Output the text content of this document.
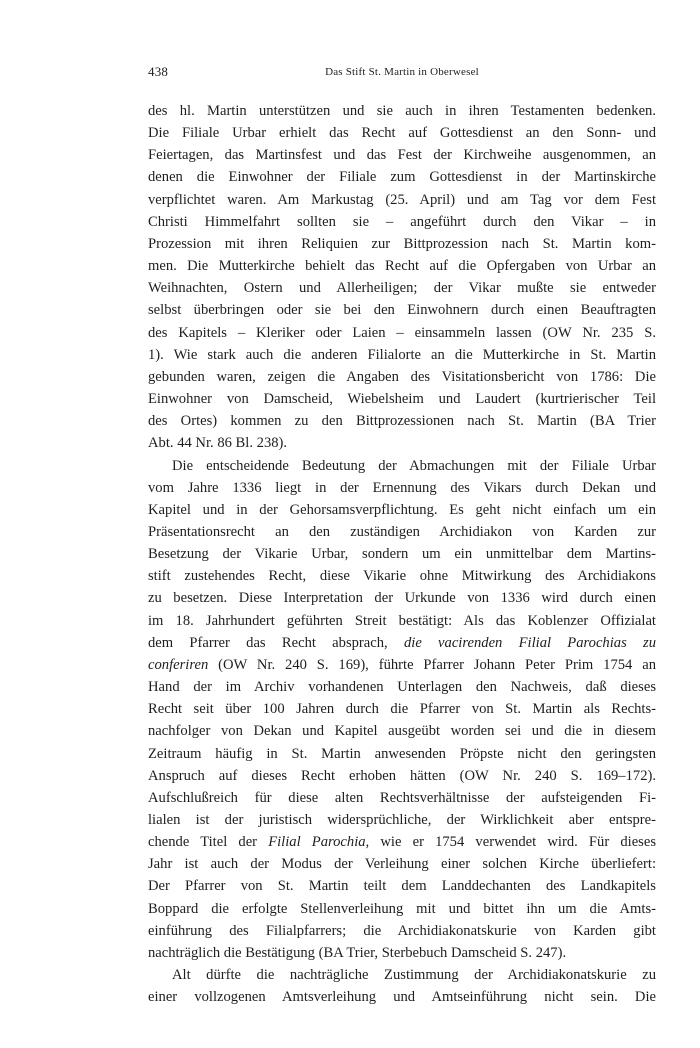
438	Das Stift St. Martin in Oberwesel
des hl. Martin unterstützen und sie auch in ihren Testamenten bedenken.
Die Filiale Urbar erhielt das Recht auf Gottesdienst an den Sonn- und
Feiertagen, das Martinsfest und das Fest der Kirchweihe ausgenommen, an
denen die Einwohner der Filiale zum Gottesdienst in der Martinskirche
verpflichtet waren. Am Markustag (25. April) und am Tag vor dem Fest
Christi Himmelfahrt sollten sie – angeführt durch den Vikar – in
Prozession mit ihren Reliquien zur Bittprozession nach St. Martin kom-
men. Die Mutterkirche behielt das Recht auf die Opfergaben von Urbar an
Weihnachten, Ostern und Allerheiligen; der Vikar mußte sie entweder
selbst überbringen oder sie bei den Einwohnern durch einen Beauftragten
des Kapitels – Kleriker oder Laien – einsammeln lassen (OW Nr. 235 S.
1). Wie stark auch die anderen Filialorte an die Mutterkirche in St. Martin
gebunden waren, zeigen die Angaben des Visitationsbericht von 1786: Die
Einwohner von Damscheid, Wiebelsheim und Laudert (kurtrierischer Teil
des Ortes) kommen zu den Bittprozessionen nach St. Martin (BA Trier
Abt. 44 Nr. 86 Bl. 238).
Die entscheidende Bedeutung der Abmachungen mit der Filiale Urbar
vom Jahre 1336 liegt in der Ernennung des Vikars durch Dekan und
Kapitel und in der Gehorsamsverpflichtung. Es geht nicht einfach um ein
Präsentationsrecht an den zuständigen Archidiakon von Karden zur
Besetzung der Vikarie Urbar, sondern um ein unmittelbar dem Martins-
stift zustehendes Recht, diese Vikarie ohne Mitwirkung des Archidiakons
zu besetzen. Diese Interpretation der Urkunde von 1336 wird durch einen
im 18. Jahrhundert geführten Streit bestätigt: Als das Koblenzer Offizialat
dem Pfarrer das Recht absprach, die vacirenden Filial Parochias zu
conferiren (OW Nr. 240 S. 169), führte Pfarrer Johann Peter Prim 1754 an
Hand der im Archiv vorhandenen Unterlagen den Nachweis, daß dieses
Recht seit über 100 Jahren durch die Pfarrer von St. Martin als Rechts-
nachfolger von Dekan und Kapitel ausgeübt worden sei und die in diesem
Zeitraum häufig in St. Martin anwesenden Pröpste nicht den geringsten
Anspruch auf dieses Recht erhoben hätten (OW Nr. 240 S. 169–172).
Aufschlußreich für diese alten Rechtsverhältnisse der aufsteigenden Fi-
lialen ist der juristisch widersprüchliche, der Wirklichkeit aber entspre-
chende Titel der Filial Parochia, wie er 1754 verwendet wird. Für dieses
Jahr ist auch der Modus der Verleihung einer solchen Kirche überliefert:
Der Pfarrer von St. Martin teilt dem Landdechanten des Landkapitels
Boppard die erfolgte Stellenverleihung mit und bittet ihn um die Amts-
einführung des Filialpfarrers; die Archidiakonatskurie von Karden gibt
nachträglich die Bestätigung (BA Trier, Sterbebuch Damscheid S. 247).
Alt dürfte die nachträgliche Zustimmung der Archidiakonatskurie zu
einer vollzogenen Amtsverleihung und Amtseinführung nicht sein. Die
